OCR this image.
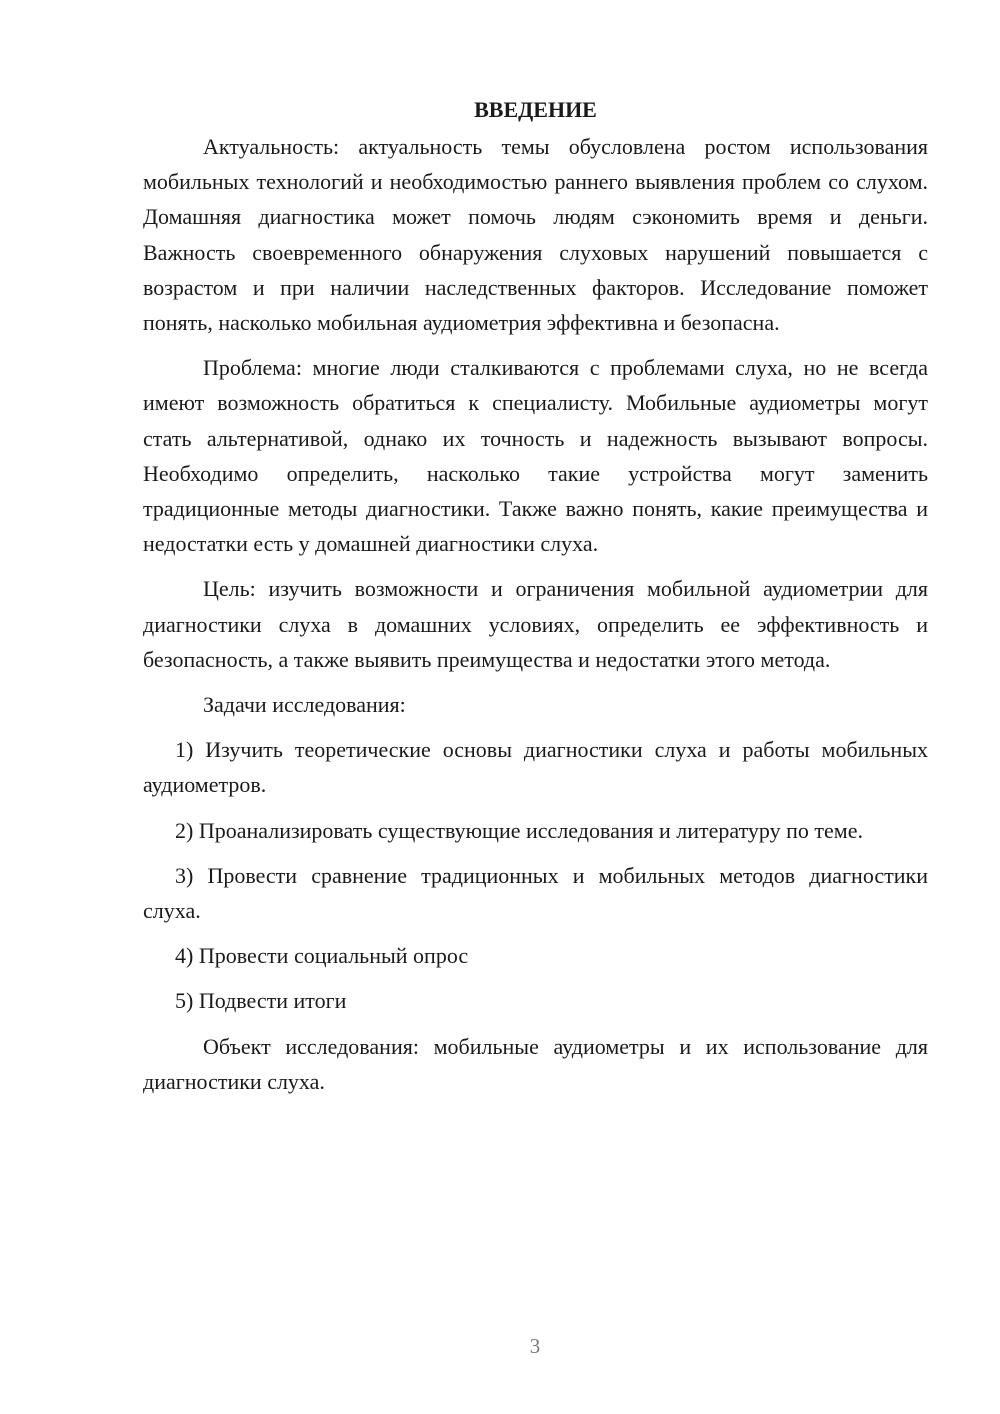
ВВЕДЕНИЕ

Актуальность: актуальность темы обусловлена ростом использования мобильных технологий и необходимостью раннего выявления проблем со слухом. Домашняя диагностика может помочь людям сэкономить время и деньги. Важность своевременного обнаружения слуховых нарушений повышается с возрастом и при наличии наследственных факторов. Исследование поможет понять, насколько мобильная аудиометрия эффективна и безопасна.

Проблема: многие люди сталкиваются с проблемами слуха, но не всегда имеют возможность обратиться к специалисту. Мобильные аудиометры могут стать альтернативой, однако их точность и надежность вызывают вопросы. Необходимо определить, насколько такие устройства могут заменить традиционные методы диагностики. Также важно понять, какие преимущества и недостатки есть у домашней диагностики слуха.

Цель: изучить возможности и ограничения мобильной аудиометрии для диагностики слуха в домашних условиях, определить ее эффективность и безопасность, а также выявить преимущества и недостатки этого метода.

Задачи исследования:

1) Изучить теоретические основы диагностики слуха и работы мобильных аудиометров.

2) Проанализировать существующие исследования и литературу по теме.

3) Провести сравнение традиционных и мобильных методов диагностики слуха.

4) Провести социальный опрос

5) Подвести итоги

Объект исследования: мобильные аудиометры и их использование для диагностики слуха.

3
